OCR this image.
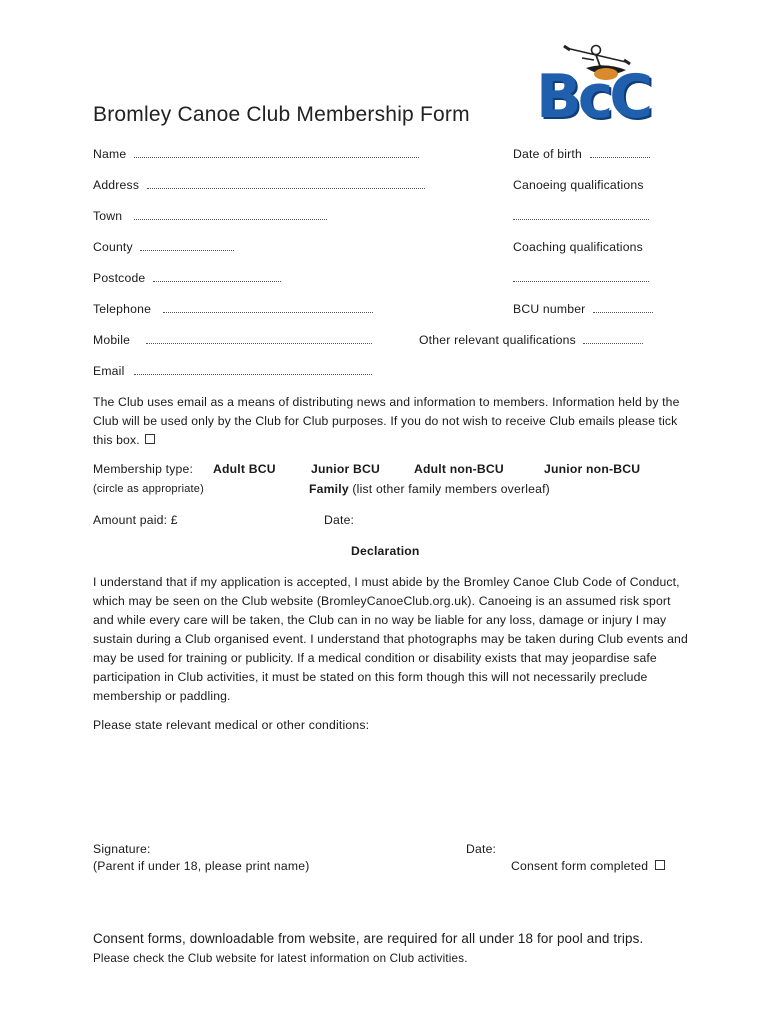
BcC
Bromley Canoe Club Membership Form
Name
Address
Town
County
Postcode
Telephone
Mobile
Email
Date of birth
Canoeing qualifications
Coaching qualifications
BCU number
Other relevant qualifications
The Club uses email as a means of distributing news and information to members. Information held by the Club will be used only by the Club for Club purposes. If you do not wish to receive Club emails please tick this box.
Membership type: Adult BCU	Junior BCU	Adult non-BCU	Junior non-BCU
(circle as appropriate)	Family (list other family members overleaf)
Amount paid: £	Date:
Declaration
I understand that if my application is accepted, I must abide by the Bromley Canoe Club Code of Conduct, which may be seen on the Club website (BromleyCanoeClub.org.uk). Canoeing is an assumed risk sport and while every care will be taken, the Club can in no way be liable for any loss, damage or injury I may sustain during a Club organised event. I understand that photographs may be taken during Club events and may be used for training or publicity. If a medical condition or disability exists that may jeopardise safe participation in Club activities, it must be stated on this form though this will not necessarily preclude membership or paddling.
Please state relevant medical or other conditions:
Signature:
(Parent if under 18, please print name)
Date:
Consent form completed
Consent forms, downloadable from website, are required for all under 18 for pool and trips.
Please check the Club website for latest information on Club activities.
